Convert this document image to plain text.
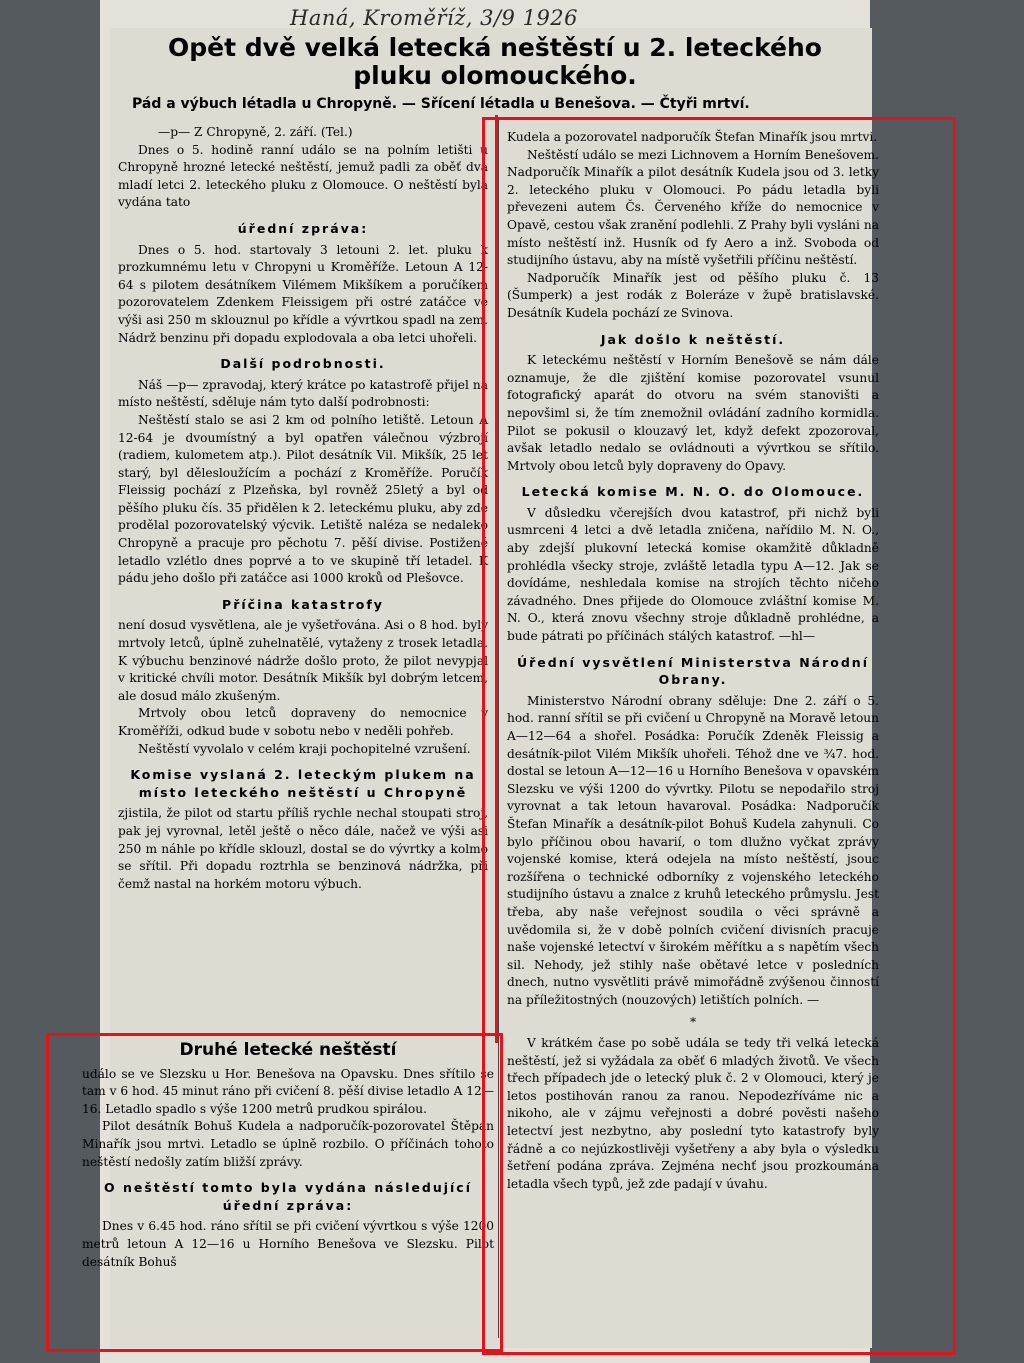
Haná, Kroměříž, 3/9 1926
Opět dvě velká letecká neštěstí u 2. leteckého pluku olomouckého.
Pád a výbuch létadla u Chropyně. — Sřícení létadla u Benešova. — Čtyři mrtví.

—p— Z Chropyně, 2. září. (Tel.)

Dnes o 5. hodině ranní událo se na polním letišti u Chropyně hrozné letecké neštěstí, jemuž padli za oběť dva mladí letci 2. leteckého pluku z Olomouce. O neštěstí byla vydána tato

úřední zpráva:

Dnes o 5. hod. startovaly 3 letouni 2. let. pluku k prozkumnému letu v Chropyni u Kroměříže. Letoun A 12-64 s pilotem desátníkem Vilémem Mikšíkem a poručíkem pozorovatelem Zdenkem Fleissigem při ostré zatáčce ve výši asi 250 m sklouznul po křídle a vývrtkou spadl na zem. Nádrž benzinu při dopadu explodovala a oba letci uhořeli.

Další podrobnosti.

Náš —p— zpravodaj, který krátce po katastrofě přijel na místo neštěstí, sděluje nám tyto další podrobnosti:

Neštěstí stalo se asi 2 km od polního letiště. Letoun A 12-64 je dvoumístný a byl opatřen válečnou výzbrojí (radiem, kulometem atp.). Pilot desátník Vil. Mikšík, 25 let starý, byl dělesloužícím a pochází z Kroměříže. Poručík Fleissig pochází z Plzeňska, byl rovněž 25letý a byl od pěšího pluku čís. 35 přidělen k 2. leteckému pluku, aby zde prodělal pozorovatelský výcvik. Letiště naléza se nedaleko Chropyně a pracuje pro pěchotu 7. pěší divise. Postižené letadlo vzlétlo dnes poprvé a to ve skupině tří letadel. K pádu jeho došlo při zatáčce asi 1000 kroků od Plešovce.

Příčina katastrofy

není dosud vysvětlena, ale je vyšetřována. Asi o 8 hod. byly mrtvoly letců, úplně zuhelnatělé, vytaženy z trosek letadla. K výbuchu benzinové nádrže došlo proto, že pilot nevypjal v kritické chvíli motor. Desátník Mikšík byl dobrým letcem, ale dosud málo zkušeným.

Mrtvoly obou letců dopraveny do nemocnice v Kroměříži, odkud bude v sobotu nebo v neděli pohřeb.

Neštěstí vyvolalo v celém kraji pochopitelné vzrušení.

Komise vyslaná 2. leteckým plukem na místo leteckého neštěstí u Chropyně

zjistila, že pilot od startu příliš rychle nechal stoupati stroj, pak jej vyrovnal, letěl ještě o něco dále, načež ve výši asi 250 m náhle po křídle sklouzl, dostal se do vývrtky a kolmo se sřítil. Při dopadu roztrhla se benzinová nádržka, při čemž nastal na horkém motoru výbuch.

Druhé letecké neštěstí

událo se ve Slezsku u Hor. Benešova na Opavsku. Dnes sřítilo se tam v 6 hod. 45 minut ráno při cvičení 8. pěší divise letadlo A 12—16. Letadlo spadlo s výše 1200 metrů prudkou spirálou.

Pilot desátník Bohuš Kudela a nadporučík-pozorovatel Štěpán Minařík jsou mrtvi. Letadlo se úplně rozbilo. O příčinách tohoto neštěstí nedošly zatím bližší zprávy.

O neštěstí tomto byla vydána následující úřední zpráva:

Dnes v 6.45 hod. ráno sřítil se při cvičení vývrtkou s výše 1200 metrů letoun A 12—16 u Horního Benešova ve Slezsku. Pilot desátník Bohuš

Kudela a pozorovatel nadporučík Štefan Minařík jsou mrtvi.

Neštěstí událo se mezi Lichnovem a Horním Benešovem. Nadporučík Minařík a pilot desátník Kudela jsou od 3. letky 2. leteckého pluku v Olomouci. Po pádu letadla byli převezeni autem Čs. Červeného kříže do nemocnice v Opavě, cestou však zranění podlehli. Z Prahy byli vysláni na místo neštěstí inž. Husník od fy Aero a inž. Svoboda od studijního ústavu, aby na místě vyšetřili příčinu neštěstí.

Nadporučík Minařík jest od pěšího pluku č. 13 (Šumperk) a jest rodák z Boleráze v župě bratislavské. Desátník Kudela pochází ze Svinova.

Jak došlo k neštěstí.

K leteckému neštěstí v Horním Benešově se nám dále oznamuje, že dle zjištění komise pozorovatel vsunul fotografický aparát do otvoru na svém stanovišti a nepovšiml si, že tím znemožnil ovládání zadního kormidla. Pilot se pokusil o klouzavý let, když defekt zpozoroval, avšak letadlo nedalo se ovládnouti a vývrtkou se sřítilo. Mrtvoly obou letců byly dopraveny do Opavy.

Letecká komise M. N. O. do Olomouce.

V důsledku včerejších dvou katastrof, při nichž byli usmrceni 4 letci a dvě letadla zničena, nařídilo M. N. O., aby zdejší plukovní letecká komise okamžitě důkladně prohlédla všecky stroje, zvláště letadla typu A—12. Jak se dovídáme, neshledala komise na strojích těchto ničeho závadného. Dnes přijede do Olomouce zvláštní komise M. N. O., která znovu všechny stroje důkladně prohlédne, a bude pátrati po příčinách stálých katastrof. —hl—

Úřední vysvětlení Ministerstva Národní Obrany.

Ministerstvo Národní obrany sděluje: Dne 2. září o 5. hod. ranní sřítil se při cvičení u Chropyně na Moravě letoun A—12—64 a shořel. Posádka: Poručík Zdeněk Fleissig a desátník-pilot Vilém Mikšík uhořeli. Téhož dne ve ¾7. hod. dostal se letoun A—12—16 u Horního Benešova v opavském Slezsku ve výši 1200 do vývrtky. Pilotu se nepodařilo stroj vyrovnat a tak letoun havaroval. Posádka: Nadporučík Štefan Minařík a desátník-pilot Bohuš Kudela zahynuli. Co bylo příčinou obou havarií, o tom dlužno vyčkat zprávy vojenské komise, která odejela na místo neštěstí, jsouc rozšířena o technické odborníky z vojenského leteckého studijního ústavu a znalce z kruhů leteckého průmyslu. Jest třeba, aby naše veřejnost soudila o věci správně a uvědomila si, že v době polních cvičení divisních pracuje naše vojenské letectví v širokém měřítku a s napětím všech sil. Nehody, jež stihly naše obětavé letce v posledních dnech, nutno vysvětliti právě mimořádně zvýšenou činností na příležitostných (nouzových) letištích polních. —

*

V krátkém čase po sobě udála se tedy tři velká letecká neštěstí, jež si vyžádala za oběť 6 mladých životů. Ve všech třech případech jde o letecký pluk č. 2 v Olomouci, který je letos postihován ranou za ranou. Nepodezříváme nic a nikoho, ale v zájmu veřejnosti a dobré pověsti našeho letectví jest nezbytno, aby poslední tyto katastrofy byly řádně a co nejúzkostlivěji vyšetřeny a aby byla o výsledku šetření podána zpráva. Zejména nechť jsou prozkoumána letadla všech typů, jež zde padají v úvahu.
